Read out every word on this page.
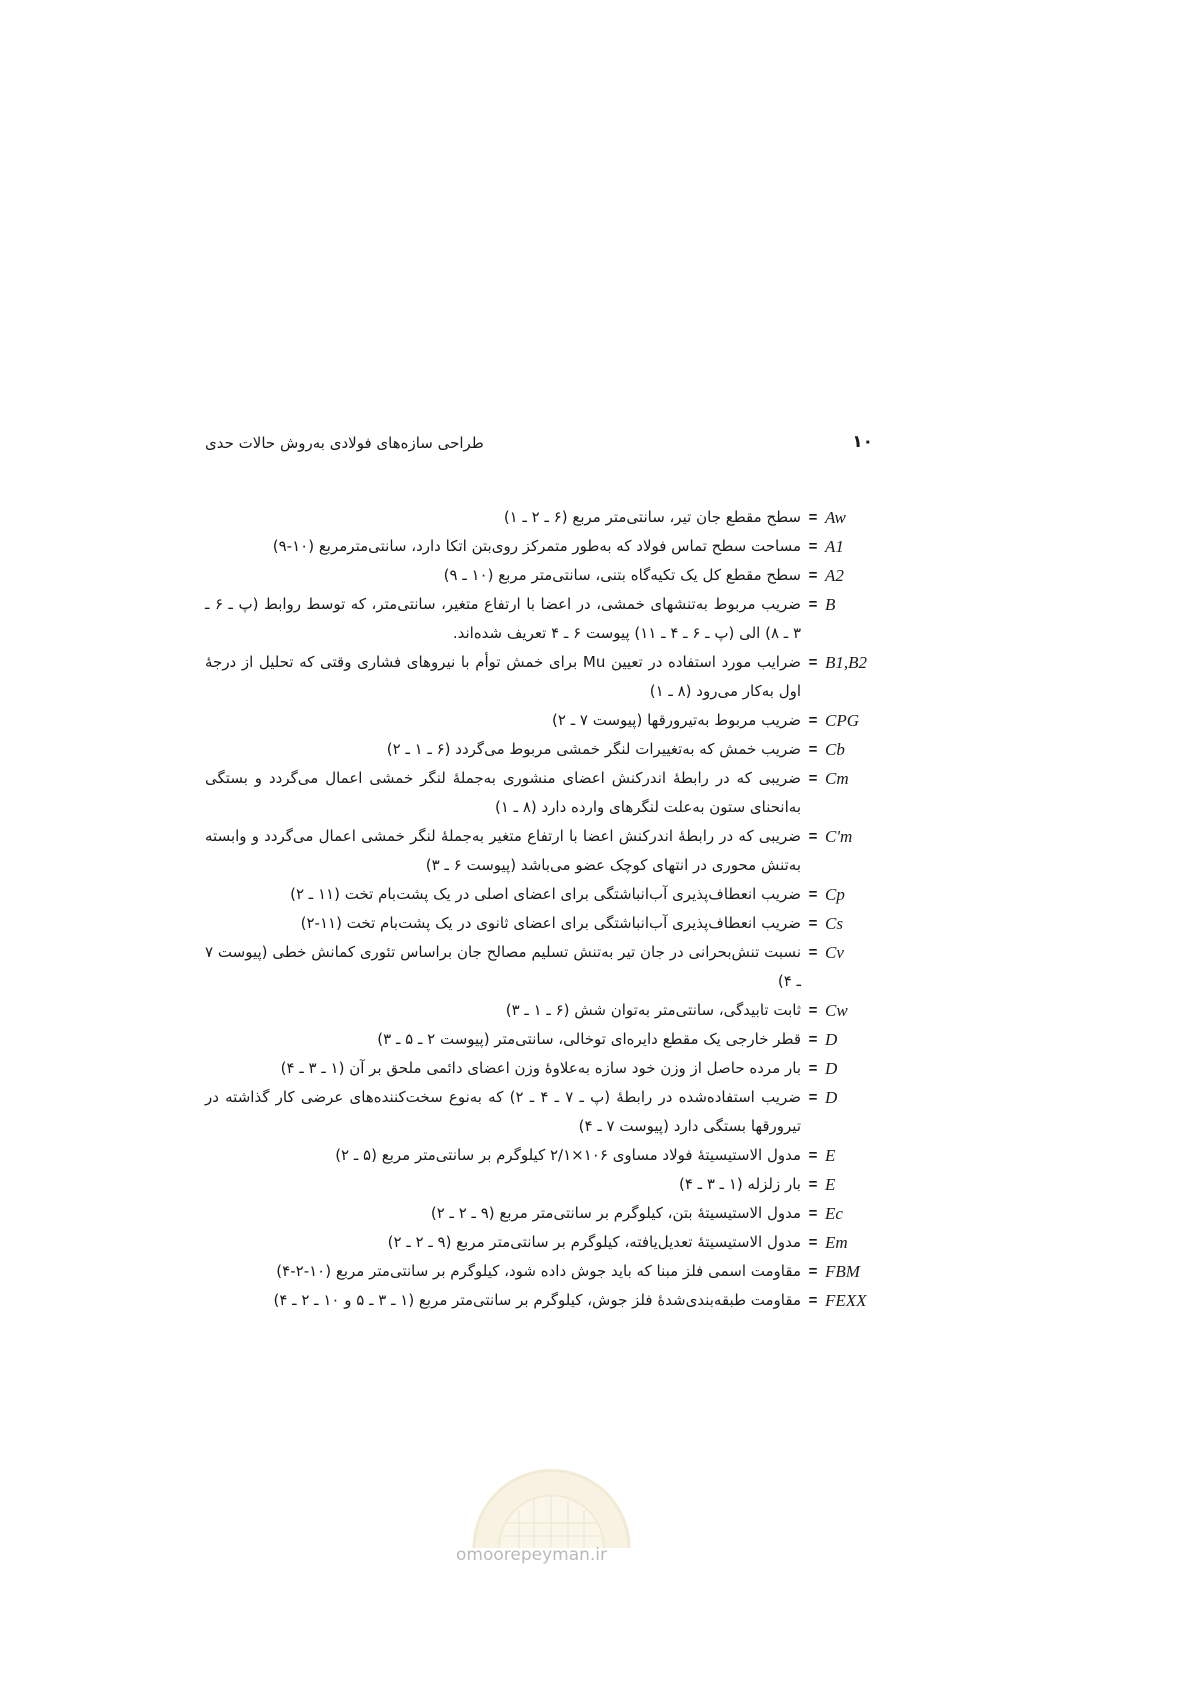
طراحی سازه‌های فولادی به‌روش حالات حدی	۱۰
سطح مقطع جان تیر، سانتی‌متر مربع (۶ ـ ۲ ـ ۱) = Aw
مساحت سطح تماس فولاد که به‌طور متمرکز روی‌بتن اتکا دارد، سانتی‌مترمربع (۱۰-۹) = A1
سطح مقطع کل یک تکیه‌گاه بتنی، سانتی‌متر مربع (۱۰ ـ ۹) = A2
ضریب مربوط به‌تنشهای خمشی، در اعضا با ارتفاع متغیر، سانتی‌متر، که توسط روابط (پ ـ ۶ ـ ۳ ـ ۸) الی (پ ـ ۶ ـ ۴ ـ ۱۱) پیوست ۶ ـ ۴ تعریف شده‌اند.
= B
ضرایب مورد استفاده در تعیین Mu برای خمش توأم با نیروهای فشاری وقتی که تحلیل از درجهٔ اول به‌کار می‌رود (۸ ـ ۱)
= B1,B2
ضریب مربوط به‌تیرورقها (پیوست ۷ ـ ۲) = CPG
ضریب خمش که به‌تغییرات لنگر خمشی مربوط می‌گردد (۶ ـ ۱ ـ ۲) = Cb
ضریبی که در رابطهٔ اندرکنش اعضای منشوری به‌جملهٔ لنگر خمشی اعمال می‌گردد و بستگی به‌انحنای ستون به‌علت لنگرهای وارده دارد (۸ ـ ۱)
= Cm
ضریبی که در رابطهٔ اندرکنش اعضا با ارتفاع متغیر به‌جملهٔ لنگر خمشی اعمال می‌گردد و وابسته به‌تنش محوری در انتهای کوچک عضو می‌باشد (پیوست ۶ ـ ۳)
= C'm
ضریب انعطاف‌پذیری آب‌انباشتگی برای اعضای اصلی در یک پشت‌بام تخت (۱۱ ـ ۲) = Cp
ضریب انعطاف‌پذیری آب‌انباشتگی برای اعضای ثانوی در یک پشت‌بام تخت (۱۱-۲) = Cs
نسبت تنش‌بحرانی در جان تیر به‌تنش تسلیم مصالح جان براساس تئوری کمانش خطی (پیوست ۷ ـ ۴)
= Cv
ثابت تابیدگی، سانتی‌متر به‌توان شش (۶ ـ ۱ ـ ۳) = Cw
قطر خارجی یک مقطع دایره‌ای توخالی، سانتی‌متر (پیوست ۲ ـ ۵ ـ ۳) = D
بار مرده حاصل از وزن خود سازه به‌علاوهٔ وزن اعضای دائمی ملحق بر آن (۱ ـ ۳ ـ ۴) = D
ضریب استفاده‌شده در رابطهٔ (پ ـ ۷ ـ ۴ ـ ۲) که به‌نوع سخت‌کننده‌های عرضی کار گذاشته در تیرورقها بستگی دارد (پیوست ۷ ـ ۴)
= D
مدول الاستیسیتهٔ فولاد مساوی ۱۰۶×۲/۱ کیلوگرم بر سانتی‌متر مربع (۵ ـ ۲) = E
بار زلزله (۱ ـ ۳ ـ ۴) = E
مدول الاستیسیتهٔ بتن، کیلوگرم بر سانتی‌متر مربع (۹ ـ ۲ ـ ۲) = Ec
مدول الاستیسیتهٔ تعدیل‌یافته، کیلوگرم بر سانتی‌متر مربع (۹ ـ ۲ ـ ۲) = Em
مقاومت اسمی فلز مبنا که باید جوش داده شود، کیلوگرم بر سانتی‌متر مربع (۱۰-۲-۴) = FBM
مقاومت طبقه‌بندی‌شدهٔ فلز جوش، کیلوگرم بر سانتی‌متر مربع (۱ ـ ۳ ـ ۵ و ۱۰ ـ ۲ ـ ۴) = FEXX
omoorepeyman.ir
